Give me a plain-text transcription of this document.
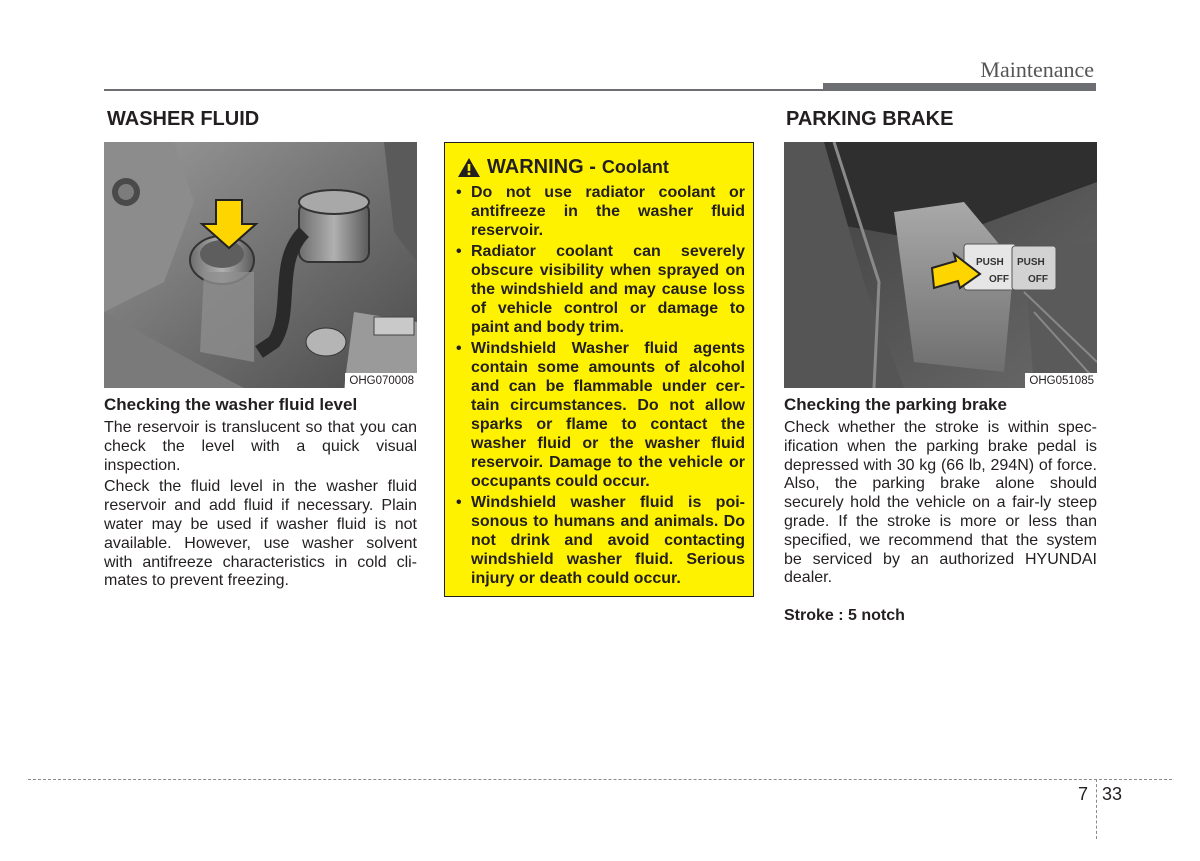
Maintenance
WASHER FLUID
OHG070008
Checking the washer fluid level

The reservoir is translucent so that you can check the level with a quick visual inspection.

Check the fluid level in the washer fluid reservoir and add fluid if necessary. Plain water may be used if washer fluid is not available. However, use washer solvent with antifreeze characteristics in cold cli-mates to prevent freezing.

WARNING - Coolant
• Do not use radiator coolant or antifreeze in the washer fluid reservoir.
• Radiator coolant can severely obscure visibility when sprayed on the windshield and may cause loss of vehicle control or damage to paint and body trim.
• Windshield Washer fluid agents contain some amounts of alcohol and can be flammable under cer-tain circumstances. Do not allow sparks or flame to contact the washer fluid or the washer fluid reservoir. Damage to the vehicle or occupants could occur.
• Windshield washer fluid is poi-sonous to humans and animals. Do not drink and avoid contacting windshield washer fluid. Serious injury or death could occur.
PARKING BRAKE
PUSH
OFF
PUSH
OFF
OHG051085
Checking the parking brake

Check whether the stroke is within spec-ification when the parking brake pedal is depressed with 30 kg (66 lb, 294N) of force. Also, the parking brake alone should securely hold the vehicle on a fair-ly steep grade. If the stroke is more or less than specified, we recommend that the system be serviced by an authorized HYUNDAI dealer.

Stroke : 5 notch
7 33
